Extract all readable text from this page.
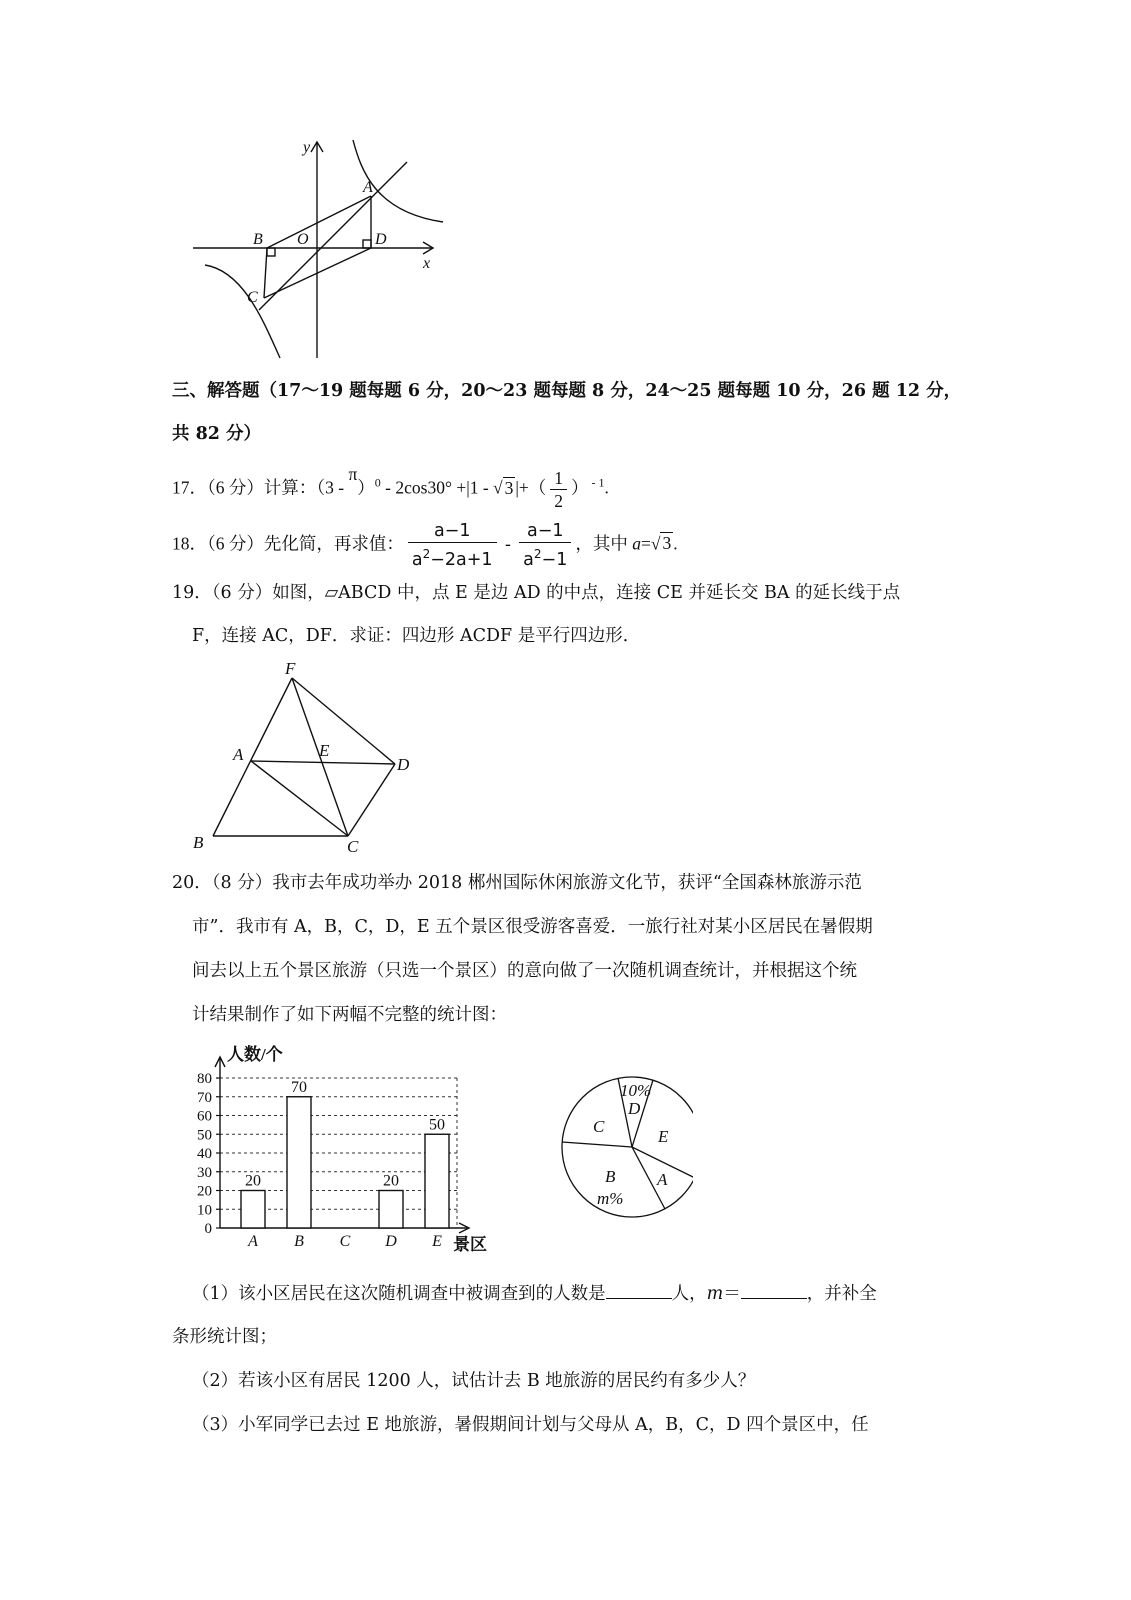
y
x
A
B O	D
C
三、解答题（17～19 题每题 6 分，20～23 题每题 8 分，24～25 题每题 10 分，26 题 12 分，
共 82 分）
17．（6 分）计算：（3 - π）$^0$ - 2cos30° +|1 - √ 3 |+（ $\frac{1}{2}$ ） $^{- 1}$.
18．（6 分）先化简，再求值： $\frac{a-1}{a^2-2a+1} - \frac{a-1}{a^2-1}$ ，其中 a=√ 3 .
19．（6 分）如图，▱ABCD 中，点 E 是边 AD 的中点，连接 CE 并延长交 BA 的延长线于点
F，连接 AC，DF．求证：四边形 ACDF 是平行四边形．
F
A	E
D
B	C
20．（8 分）我市去年成功举办 2018 郴州国际休闲旅游文化节，获评“全国森林旅游示范
市”．我市有 A，B，C，D，E 五个景区很受游客喜爱．一旅行社对某小区居民在暑假期
间去以上五个景区旅游（只选一个景区）的意向做了一次随机调查统计，并根据这个统
计结果制作了如下两幅不完整的统计图：
0
10
20
30
40
50
60
70
80
人数/个
景区
A
20
B
70
C D
20
E
50
10%
D
E
A
B
m%
C
（1）该小区居民在这次随机调查中被调查到的人数是	人，m＝	，并补全
条形统计图；
（2）若该小区有居民 1200 人，试估计去 B 地旅游的居民约有多少人？
（3）小军同学已去过 E 地旅游，暑假期间计划与父母从 A，B，C，D 四个景区中，任
